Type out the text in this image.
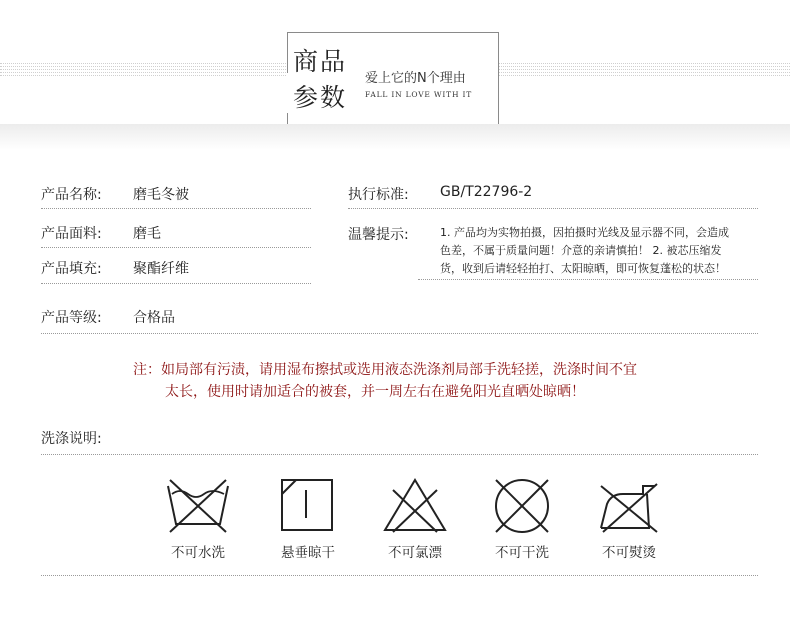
商品
参数
爱上它的N个理由
FALL IN LOVE WITH IT
产品名称: 磨毛冬被	执行标准: GB/T22796-2
产品面料: 磨毛	温馨提示:	1. 产品均为实物拍摄，因拍摄时光线及显示器不同，会造成
色差，不属于质量问题！介意的亲请慎拍！ 2. 被芯压缩发
货，收到后请轻轻拍打、太阳晾晒，即可恢复蓬松的状态！
产品填充: 聚酯纤维
产品等级: 合格品
注：如局部有污渍，请用湿布擦拭或选用液态洗涤剂局部手洗轻搓，洗涤时间不宜
太长，使用时请加适合的被套，并一周左右在避免阳光直晒处晾晒！
洗涤说明:
不可水洗	悬垂晾干	不可氯漂	不可干洗	不可熨烫
